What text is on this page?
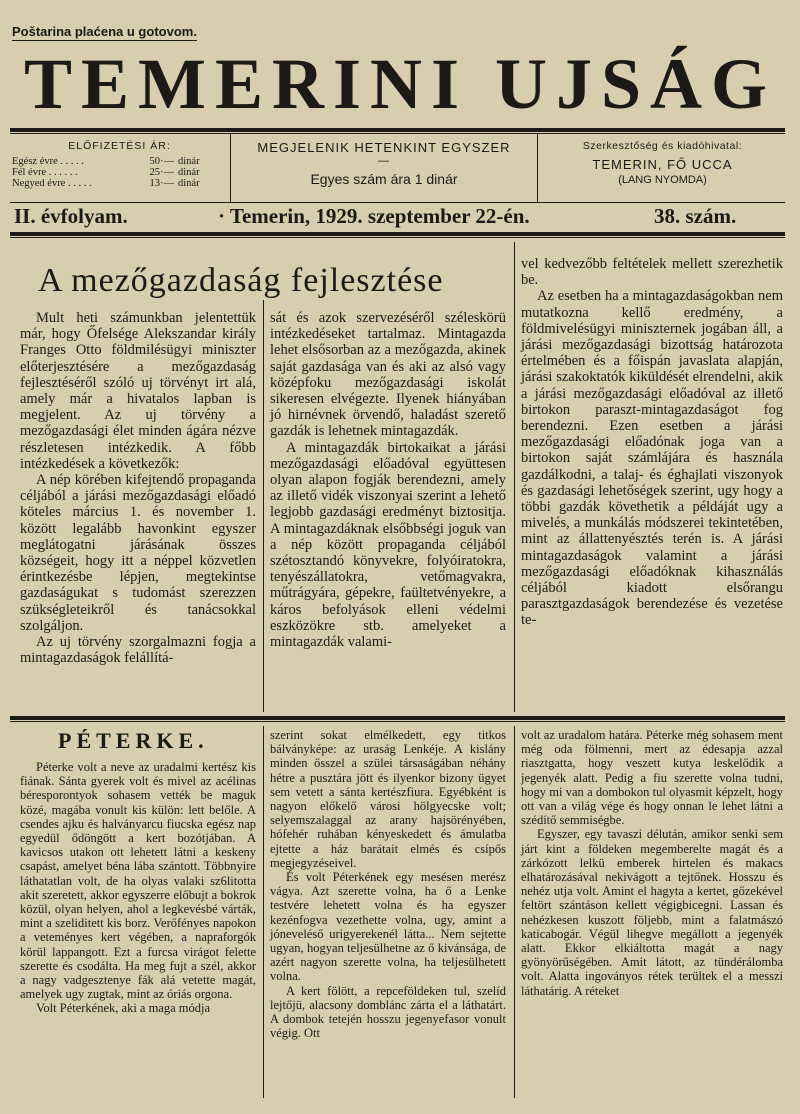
Poštarina plaćena u gotovom.
TEMERINI UJSÁG
ELŐFIZETÉSI ÁR:
Egész évre . . . . .	50·— dinár
Fél évre . . . . . .	25·— dinár
Negyed évre . . . . .	13·— dinár
MEGJELENIK HETENKINT EGYSZER
—
Egyes szám ára 1 dinár
Szerkesztőség és kiadóhivatal:
TEMERIN, FŐ UCCA
(LANG NYOMDA)
II. évfolyam.	· Temerin, 1929. szeptember 22-én.	38. szám.
A mezőgazdaság fejlesztése

Mult heti számunkban jelentettük már, hogy Őfelsége Alekszandar király Franges Otto földmilésügyi miniszter előterjesztésére a mezőgazdaság fejlesztéséről szóló uj törvényt irt alá, amely már a hivatalos lapban is megjelent. Az uj törvény a mezőgazdasági élet minden ágára nézve részletesen intézkedik. A főbb intézkedések a következők:

A nép körében kifejtendő propaganda céljából a járási mezőgazdasági előadó köteles március 1. és november 1. között legalább havonkint egyszer meglátogatni járásának összes községeit, hogy itt a néppel közvetlen érintkezésbe lépjen, megtekintse gazdaságukat s tudomást szerezzen szükségleteikről és tanácsokkal szolgáljon.

Az uj törvény szorgalmazni fogja a mintagazdaságok felállítá-

sát és azok szervezéséről széleskörü intézkedéseket tartalmaz. Mintagazda lehet elsősorban az a mezőgazda, akinek saját gazdasága van és aki az alsó vagy középfoku mezőgazdasági iskolát sikeresen elvégezte. Ilyenek hiányában jó hirnévnek örvendő, haladást szerető gazdák is lehetnek mintagazdák.

A mintagazdák birtokaikat a járási mezőgazdasági előadóval együttesen olyan alapon fogják berendezni, amely az illető vidék viszonyai szerint a lehető legjobb gazdasági eredményt biztositja. A mintagazdáknak elsőbbségi joguk van a nép között propaganda céljából szétosztandó könyvekre, folyóiratokra, tenyészállatokra, vetőmagvakra, műtrágyára, gépekre, faültetvényekre, a káros befolyások elleni védelmi eszközökre stb. amelyeket a mintagazdák valami-

vel kedvezőbb feltételek mellett szerezhetik be.

Az esetben ha a mintagazdaságokban nem mutatkozna kellő eredmény, a földmivelésügyi miniszternek jogában áll, a járási mezőgazdasági bizottság határozota értelmében és a főispán javaslata alapján, járási szakoktatók kiküldését elrendelni, akik a járási mezőgazdasági előadóval az illető birtokon paraszt-mintagazdaságot fog berendezni. Ezen esetben a járási mezőgazdasági előadónak joga van a birtokon saját számlájára és használa gazdálkodni, a talaj- és éghajlati viszonyok és gazdasági lehetőségek szerint, ugy hogy a többi gazdák követhetik a példáját ugy a mivelés, a munkálás módszerei tekintetében, mint az állattenyésztés terén is. A járási mintagazdaságok valamint a járási mezőgazdasági előadóknak kihasználás céljából kiadott elsőrangu parasztgazdaságok berendezése és vezetése te-

PÉTERKE.

Péterke volt a neve az uradalmi kertész kis fiának. Sánta gyerek volt és mivel az acélinas béresporontyok sohasem vették be maguk közé, magába vonult kis külön: lett belőle. A csendes ajku és halványarcu fiucska egész nap egyedül ődöngött a kert bozótjában. A kavicsos utakon ott lehetett látni a keskeny csapást, amelyet béna lába szántott. Többnyire láthatatlan volt, de ha olyas valaki sz6litotta akit szeretett, akkor egyszerre előbujt a bokrok közül, olyan helyen, ahol a legkevésbé várták, mint a szeliditett kis borz. Verőfényes napokon a veteményes kert végében, a napraforgók körül lappangott. Ezt a furcsa virágot felette szerette és csodálta. Ha meg fujt a szél, akkor a nagy vadgesztenye fák alá vetette magát, amelyek ugy zugtak, mint az óriás orgona.

Volt Péterkének, aki a maga módja

szerint sokat elmélkedett, egy titkos bálványképe: az uraság Lenkéje. A kislány minden ősszel a szülei társaságában néhány hétre a pusztára jött és ilyenkor bizony ügyet sem vetett a sánta kertészfiura. Egyébként is nagyon előkelő városi hölgyecske volt; selyemszalaggal az arany hajsörényében, hófehér ruhában kényeskedett és ámulatba ejtette a ház barátait elmés és csípős megjegyzéseivel.

És volt Péterkének egy mesésen merész vágya. Azt szerette volna, ha ő a Lenke testvére lehetett volna és ha egyszer kezénfogva vezethette volna, ugy, amint a jóneveléső urigyerekenél látta... Nem sejtette ugyan, hogyan teljesülhetne az ő kivánsága, de azért nagyon szerette volna, ha teljesülhetett volna.

A kert fölött, a repceföldeken tul, szelíd lejtőjü, alacsony domblánc zárta el a láthatárt. A dombok tetején hosszu jegenyefasor vonult végig. Ott

volt az uradalom határa. Péterke még sohasem ment még oda fölmenni, mert az édesapja azzal riasztgatta, hogy veszett kutya leskelődik a jegenyék alatt. Pedig a fiu szerette volna tudni, hogy mi van a dombokon tul olyasmit képzelt, hogy ott van a világ vége és hogy onnan le lehet látni a szédítő semmiségbe.

Egyszer, egy tavaszi délután, amikor senki sem járt kint a földeken megemberelte magát és a zárkózott lelkü emberek hirtelen és makacs elhatározásával nekivágott a tejtőnek. Hosszu és nehéz utja volt. Amint el hagyta a kertet, gőzekével feltört szántáson kellett végigbicegni. Lassan és nehézkesen kuszott följebb, mint a falatmászó katicabogár. Végül lihegve megállott a jegenyék alatt. Ekkor elkiáltotta magát a nagy gyönyörűségében. Amit látott, az tündérálomba volt. Alatta ingoványos rétek terültek el a messzi láthatárig. A réteket
